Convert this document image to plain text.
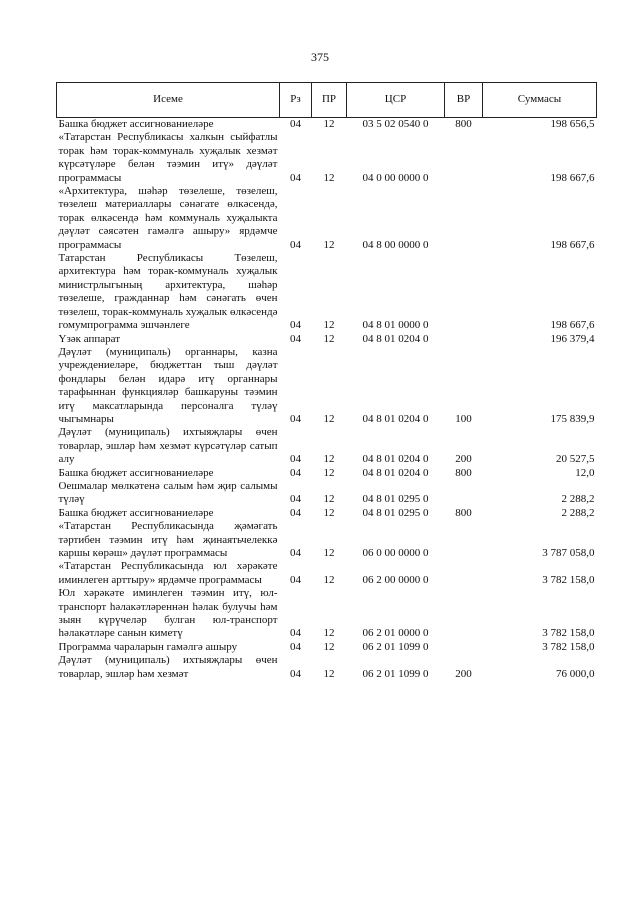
375
Исеме	Рз	ПР	ЦСР	ВР	Суммасы
Башка бюджет ассигнованиеләре	04	12	03 5 02 0540 0	800	198 656,5
«Татарстан Республикасы халкын сыйфатлы торак һәм торак-коммуналь хуҗалык хезмәт күрсәтүләре белән тәэмин итү» дәүләт программасы	04	12	04 0 00 0000 0		198 667,6
«Архитектура, шәһәр төзелеше, төзелеш, төзелеш материаллары сәнәгате өлкәсендә, торак өлкәсендә һәм коммуналь хуҗалыкта дәүләт сәясәтен гамәлгә ашыру» ярдәмче программасы	04	12	04 8 00 0000 0		198 667,6
Татарстан Республикасы Төзелеш, архитектура һәм торак-коммуналь хуҗалык министрлыгының архитектура, шәһәр төзелеше, гражданнар һәм сәнәгать өчен төзелеш, торак-коммуналь хуҗалык өлкәсендә гомумпрограмма эшчәнлеге	04	12	04 8 01 0000 0		198 667,6
Үзәк аппарат	04	12	04 8 01 0204 0		196 379,4
Дәүләт (муниципаль) органнары, казна учреждениеләре, бюджеттан тыш дәүләт фондлары белән идарә итү органнары тарафыннан функцияләр башкаруны тәэмин итү максатларында персоналга түләү чыгымнары	04	12	04 8 01 0204 0	100	175 839,9
Дәүләт (муниципаль) ихтыяҗлары өчен товарлар, эшләр һәм хезмәт күрсәтүләр сатып алу	04	12	04 8 01 0204 0	200	20 527,5
Башка бюджет ассигнованиеләре	04	12	04 8 01 0204 0	800	12,0
Оешмалар мөлкәтенә салым һәм җир салымы түләү	04	12	04 8 01 0295 0		2 288,2
Башка бюджет ассигнованиеләре	04	12	04 8 01 0295 0	800	2 288,2
«Татарстан Республикасында җәмәгать тәртибен тәэмин итү һәм җинаятьчелеккә каршы көрәш» дәүләт программасы	04	12	06 0 00 0000 0		3 787 058,0
«Татарстан Республикасында юл хәрәкәте иминлеген арттыру» ярдәмче программасы	04	12	06 2 00 0000 0		3 782 158,0
Юл хәрәкәте иминлеген тәэмин итү, юл-транспорт һәлакәтләреннән һәлак булучы һәм зыян күрүчеләр булган юл-транспорт һәлакәтләре санын киметү	04	12	06 2 01 0000 0		3 782 158,0
Программа чараларын гамәлгә ашыру	04	12	06 2 01 1099 0		3 782 158,0
Дәүләт (муниципаль) ихтыяҗлары өчен товарлар, эшләр һәм хезмәт	04	12	06 2 01 1099 0	200	76 000,0
